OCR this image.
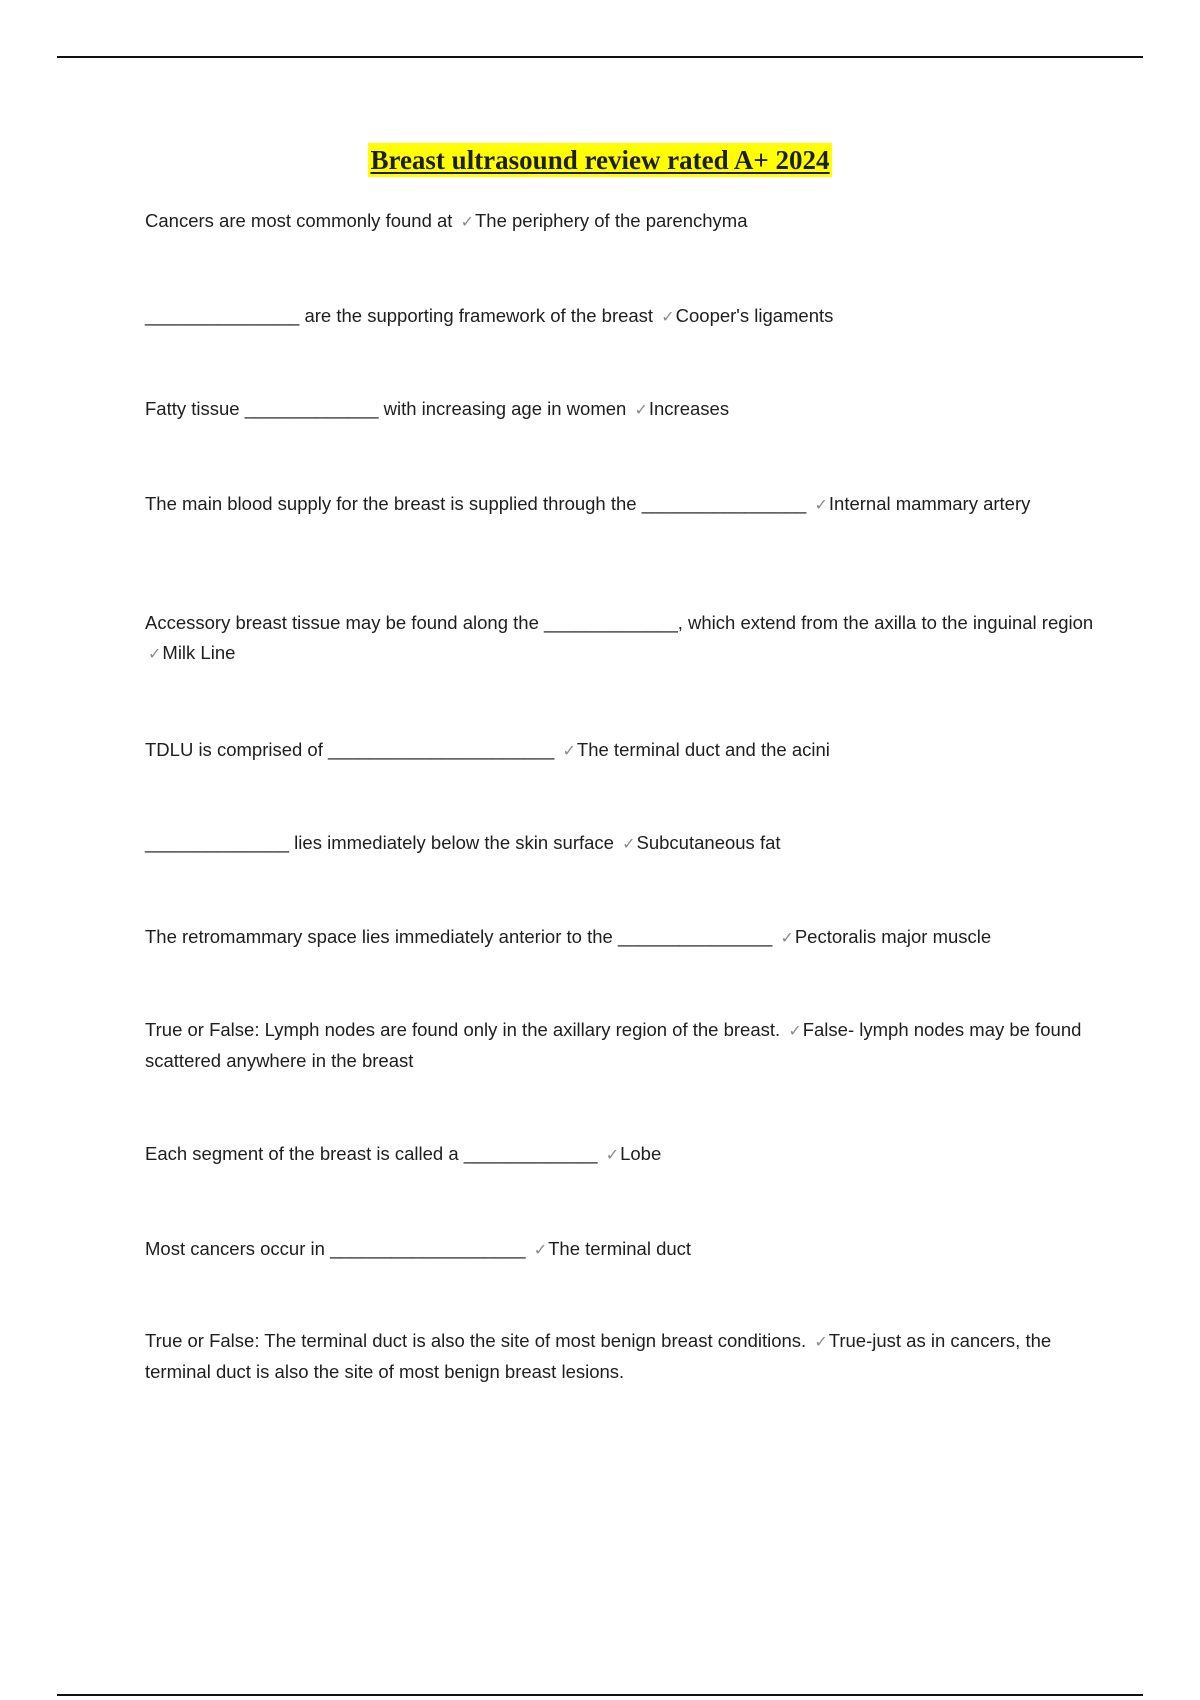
Breast ultrasound review rated A+ 2024

Cancers are most commonly found at ✓The periphery of the parenchyma

_______________ are the supporting framework of the breast ✓Cooper's ligaments

Fatty tissue _____________ with increasing age in women ✓Increases

The main blood supply for the breast is supplied through the ________________ ✓Internal mammary artery

Accessory breast tissue may be found along the _____________, which extend from the axilla to the inguinal region ✓Milk Line

TDLU is comprised of ______________________ ✓The terminal duct and the acini

______________ lies immediately below the skin surface ✓Subcutaneous fat

The retromammary space lies immediately anterior to the _______________ ✓Pectoralis major muscle

True or False: Lymph nodes are found only in the axillary region of the breast. ✓False- lymph nodes may be found scattered anywhere in the breast

Each segment of the breast is called a _____________ ✓Lobe

Most cancers occur in ___________________ ✓The terminal duct

True or False: The terminal duct is also the site of most benign breast conditions. ✓True-just as in cancers, the terminal duct is also the site of most benign breast lesions.
